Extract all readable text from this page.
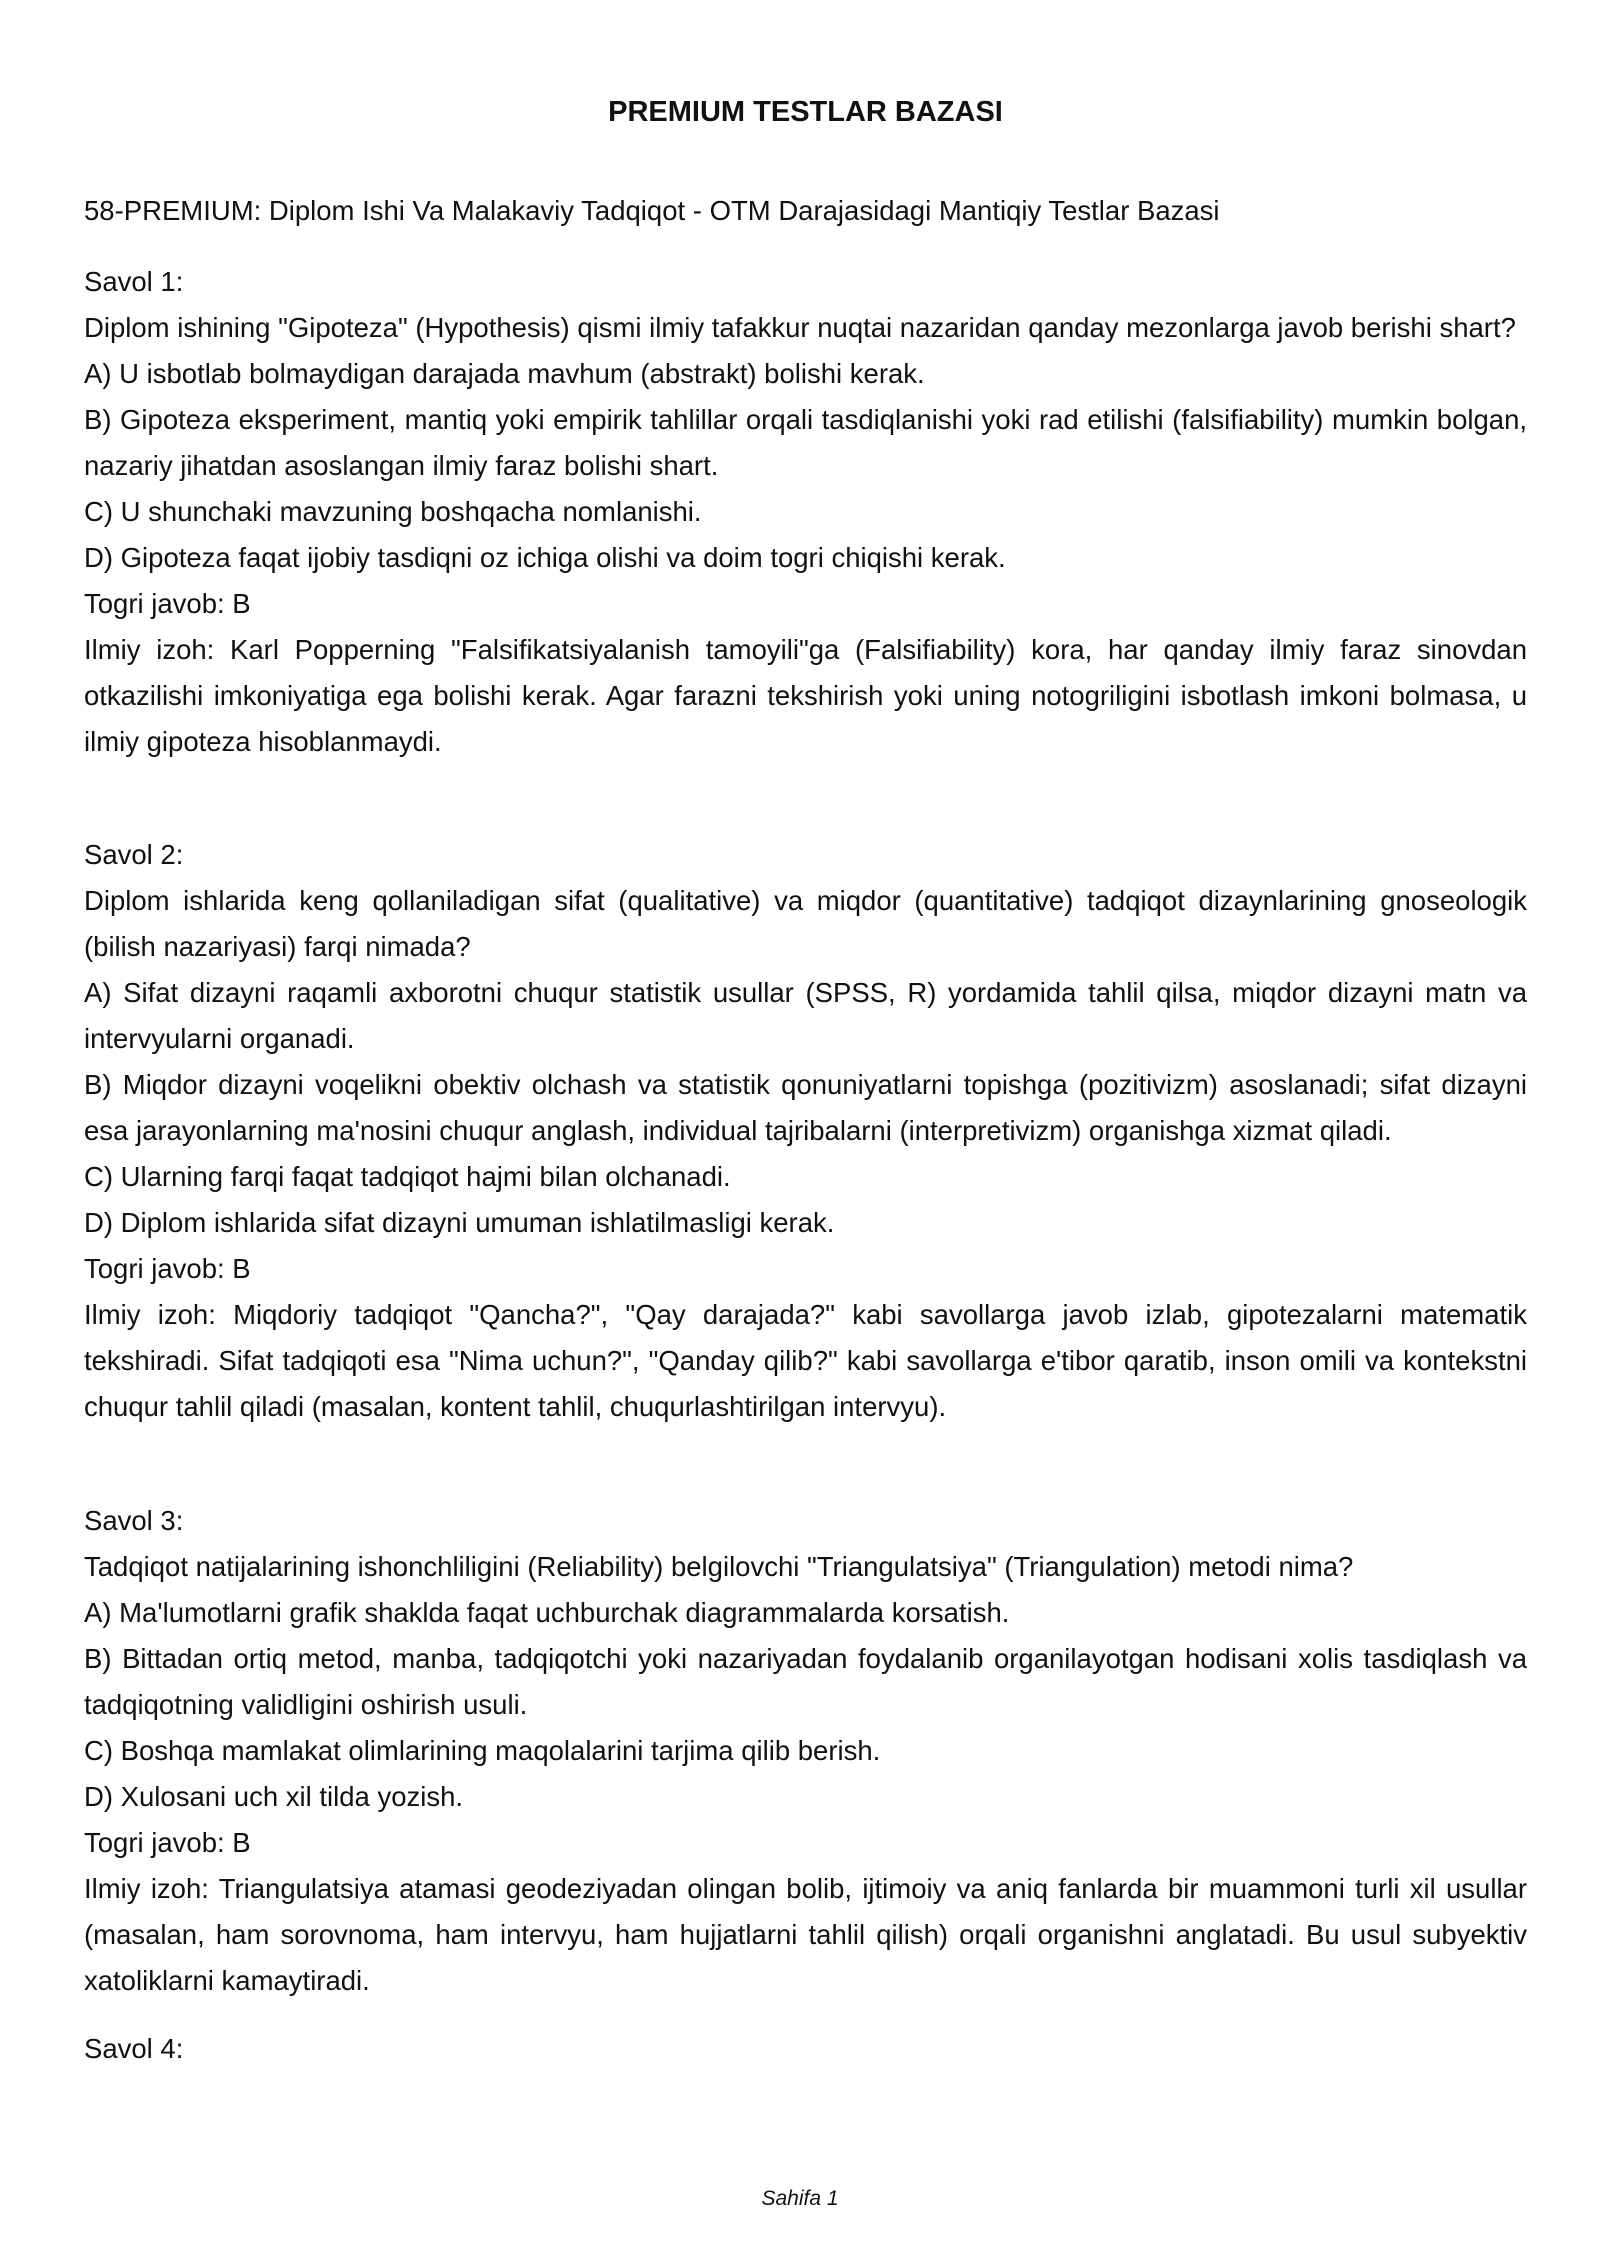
PREMIUM TESTLAR BAZASI
58-PREMIUM: Diplom Ishi Va Malakaviy Tadqiqot - OTM Darajasidagi Mantiqiy Testlar Bazasi
Savol 1:
Diplom ishining "Gipoteza" (Hypothesis) qismi ilmiy tafakkur nuqtai nazaridan qanday mezonlarga javob berishi shart?
A) U isbotlab bolmaydigan darajada mavhum (abstrakt) bolishi kerak.
B) Gipoteza eksperiment, mantiq yoki empirik tahlillar orqali tasdiqlanishi yoki rad etilishi (falsifiability) mumkin bolgan, nazariy jihatdan asoslangan ilmiy faraz bolishi shart.
C) U shunchaki mavzuning boshqacha nomlanishi.
D) Gipoteza faqat ijobiy tasdiqni oz ichiga olishi va doim togri chiqishi kerak.
Togri javob: B
Ilmiy izoh: Karl Popperning "Falsifikatsiyalanish tamoyili"ga (Falsifiability) kora, har qanday ilmiy faraz sinovdan otkazilishi imkoniyatiga ega bolishi kerak. Agar farazni tekshirish yoki uning notogriligini isbotlash imkoni bolmasa, u ilmiy gipoteza hisoblanmaydi.
Savol 2:
Diplom ishlarida keng qollaniladigan sifat (qualitative) va miqdor (quantitative) tadqiqot dizaynlarining gnoseologik (bilish nazariyasi) farqi nimada?
A) Sifat dizayni raqamli axborotni chuqur statistik usullar (SPSS, R) yordamida tahlil qilsa, miqdor dizayni matn va intervyularni organadi.
B) Miqdor dizayni voqelikni obektiv olchash va statistik qonuniyatlarni topishga (pozitivizm) asoslanadi; sifat dizayni esa jarayonlarning ma'nosini chuqur anglash, individual tajribalarni (interpretivizm) organishga xizmat qiladi.
C) Ularning farqi faqat tadqiqot hajmi bilan olchanadi.
D) Diplom ishlarida sifat dizayni umuman ishlatilmasligi kerak.
Togri javob: B
Ilmiy izoh: Miqdoriy tadqiqot "Qancha?", "Qay darajada?" kabi savollarga javob izlab, gipotezalarni matematik tekshiradi. Sifat tadqiqoti esa "Nima uchun?", "Qanday qilib?" kabi savollarga e'tibor qaratib, inson omili va kontekstni chuqur tahlil qiladi (masalan, kontent tahlil, chuqurlashtirilgan intervyu).
Savol 3:
Tadqiqot natijalarining ishonchliligini (Reliability) belgilovchi "Triangulatsiya" (Triangulation) metodi nima?
A) Ma'lumotlarni grafik shaklda faqat uchburchak diagrammalarda korsatish.
B) Bittadan ortiq metod, manba, tadqiqotchi yoki nazariyadan foydalanib organilayotgan hodisani xolis tasdiqlash va tadqiqotning validligini oshirish usuli.
C) Boshqa mamlakat olimlarining maqolalarini tarjima qilib berish.
D) Xulosani uch xil tilda yozish.
Togri javob: B
Ilmiy izoh: Triangulatsiya atamasi geodeziyadan olingan bolib, ijtimoiy va aniq fanlarda bir muammoni turli xil usullar (masalan, ham sorovnoma, ham intervyu, ham hujjatlarni tahlil qilish) orqali organishni anglatadi. Bu usul subyektiv xatoliklarni kamaytiradi.
Savol 4:
Sahifa 1
